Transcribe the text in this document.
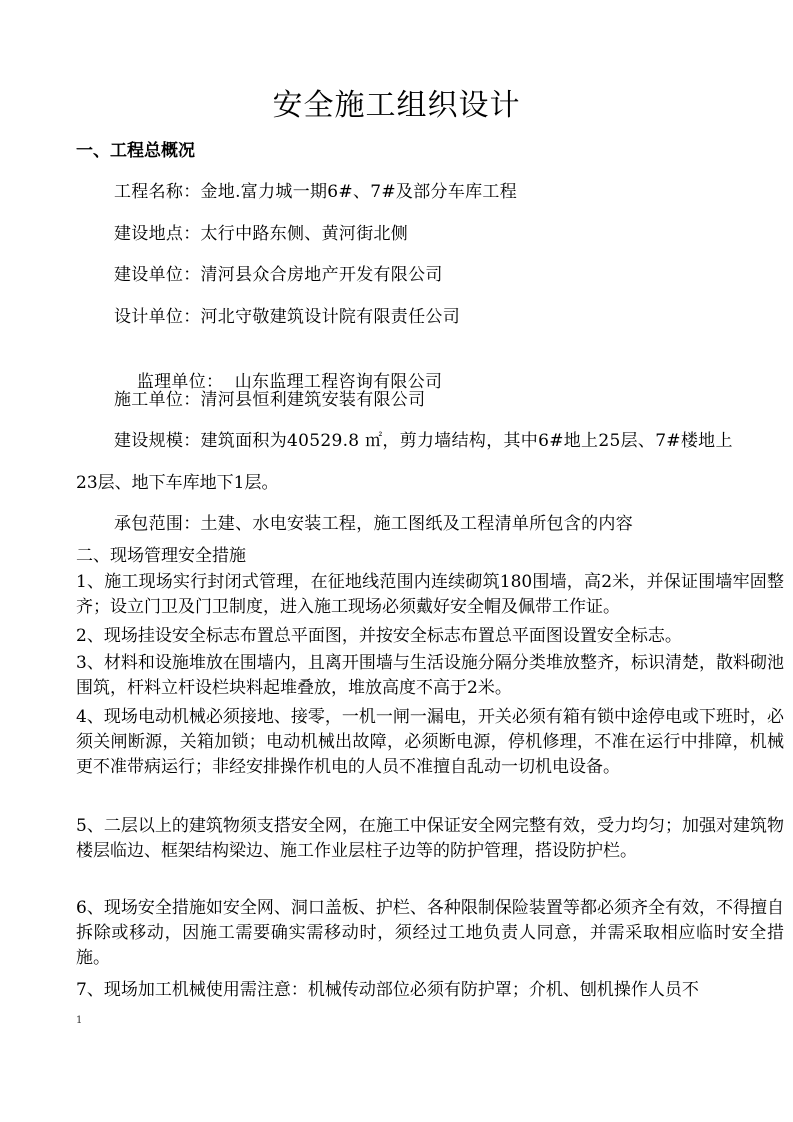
安全施工组织设计
一、工程总概况
工程名称：金地.富力城一期6#、7#及部分车库工程
建设地点：太行中路东侧、黄河街北侧
建设单位：清河县众合房地产开发有限公司
设计单位：河北守敬建筑设计院有限责任公司

监理单位：  山东监理工程咨询有限公司

施工单位：清河县恒利建筑安装有限公司
建设规模：建筑面积为40529.8 ㎡，剪力墙结构，其中6#地上25层、7#楼地上
23层、地下车库地下1层。
承包范围：土建、水电安装工程，施工图纸及工程清单所包含的内容
二、现场管理安全措施
1、施工现场实行封闭式管理，在征地线范围内连续砌筑180围墙，高2米，并保证围墙牢固整齐；设立门卫及门卫制度，进入施工现场必须戴好安全帽及佩带工作证。
2、现场挂设安全标志布置总平面图，并按安全标志布置总平面图设置安全标志。
3、材料和设施堆放在围墙内，且离开围墙与生活设施分隔分类堆放整齐，标识清楚，散料砌池围筑，杆料立杆设栏块料起堆叠放，堆放高度不高于2米。
4、现场电动机械必须接地、接零，一机一闸一漏电，开关必须有箱有锁中途停电或下班时，必须关闸断源，关箱加锁；电动机械出故障，必须断电源，停机修理，不准在运行中排障，机械更不准带病运行；非经安排操作机电的人员不准擅自乱动一切机电设备。
5、二层以上的建筑物须支搭安全网，在施工中保证安全网完整有效，受力均匀；加强对建筑物楼层临边、框架结构梁边、施工作业层柱子边等的防护管理，搭设防护栏。
6、现场安全措施如安全网、洞口盖板、护栏、各种限制保险装置等都必须齐全有效，不得擅自拆除或移动，因施工需要确实需移动时，须经过工地负责人同意，并需采取相应临时安全措施。
7、现场加工机械使用需注意：机械传动部位必须有防护罩；介机、刨机操作人员不
1
